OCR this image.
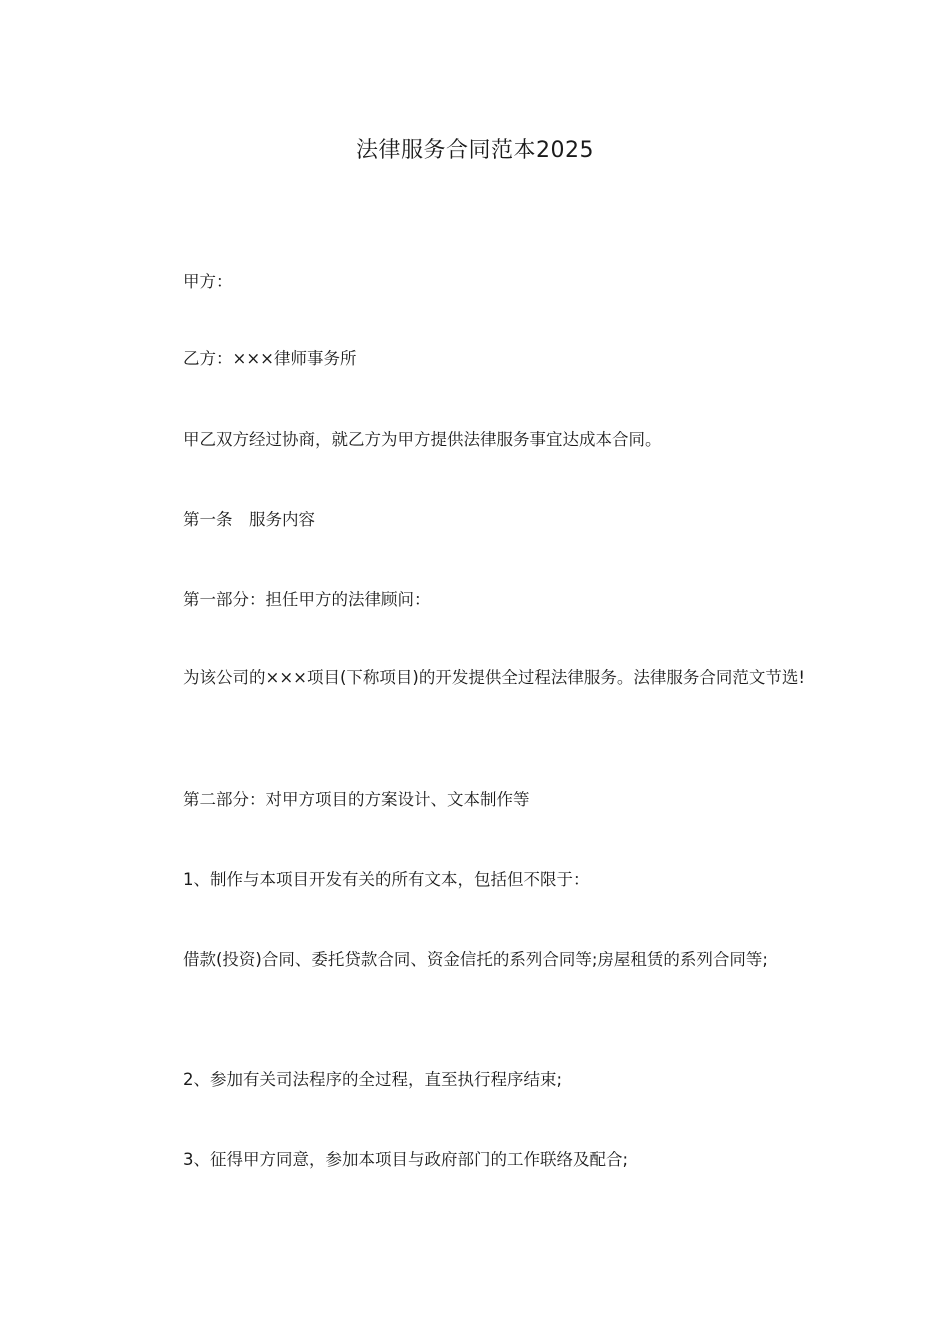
法律服务合同范本2025

甲方：

乙方：×××律师事务所

甲乙双方经过协商，就乙方为甲方提供法律服务事宜达成本合同。

第一条　服务内容

第一部分：担任甲方的法律顾问：

为该公司的×××项目(下称项目)的开发提供全过程法律服务。法律服务合同范文节选!

第二部分：对甲方项目的方案设计、文本制作等

1、制作与本项目开发有关的所有文本，包括但不限于：

借款(投资)合同、委托贷款合同、资金信托的系列合同等;房屋租赁的系列合同等;

2、参加有关司法程序的全过程，直至执行程序结束;

3、征得甲方同意，参加本项目与政府部门的工作联络及配合;
